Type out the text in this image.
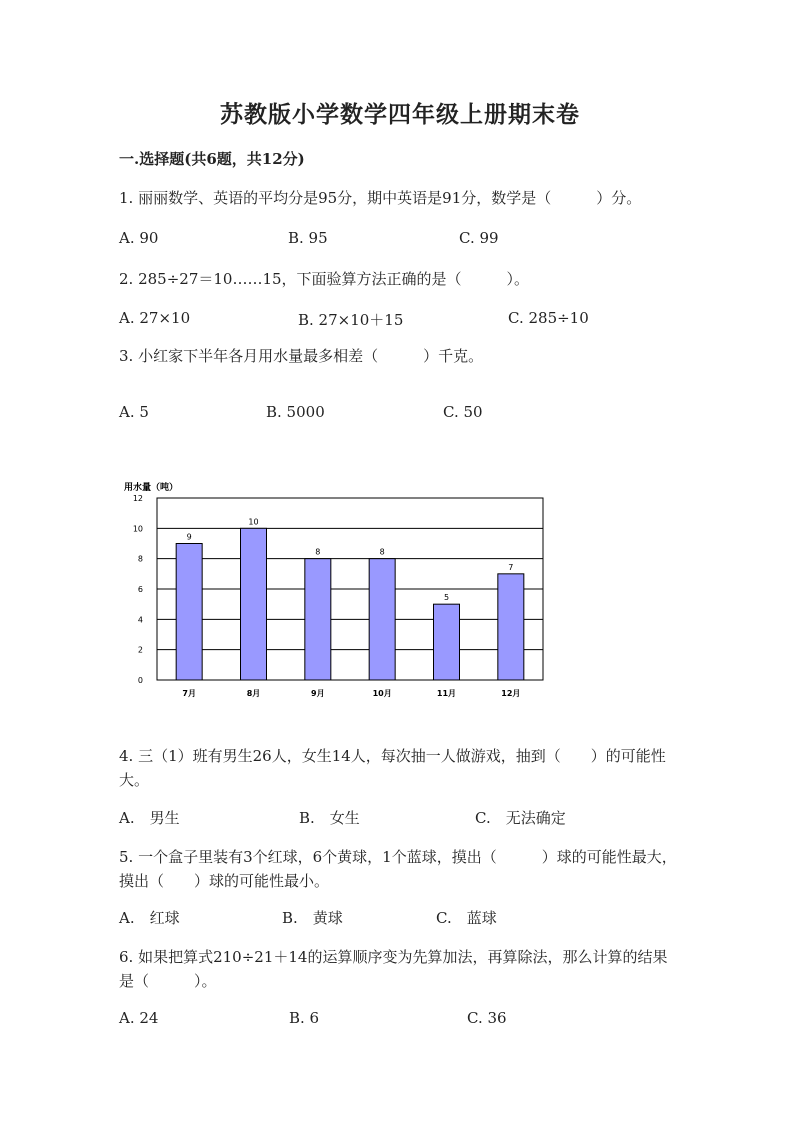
苏教版小学数学四年级上册期末卷
一.选择题(共6题，共12分)
1. 丽丽数学、英语的平均分是95分，期中英语是91分，数学是（　　　）分。
A. 90	B. 95	C. 99
2. 285÷27＝10……15，下面验算方法正确的是（　　　）。
A. 27×10	B. 27×10＋15	C. 285÷10
3. 小红家下半年各月用水量最多相差（　　　）千克。
A. 5	B. 5000	C. 50
用水量（吨）
0
2
4
6
8
10
12
9
10
8	8
5
7
7月	8月	9月	10月	11月	12月
4. 三（1）班有男生26人，女生14人，每次抽一人做游戏，抽到（　　）的可能性大。
A.　男生	B.　女生	C.　无法确定
5. 一个盒子里装有3个红球，6个黄球，1个蓝球，摸出（　　　）球的可能性最大，摸出（　　）球的可能性最小。
A.　红球	B.　黄球	C.　蓝球
6. 如果把算式210÷21＋14的运算顺序变为先算加法，再算除法，那么计算的结果是（　　　）。
A. 24	B. 6	C. 36
